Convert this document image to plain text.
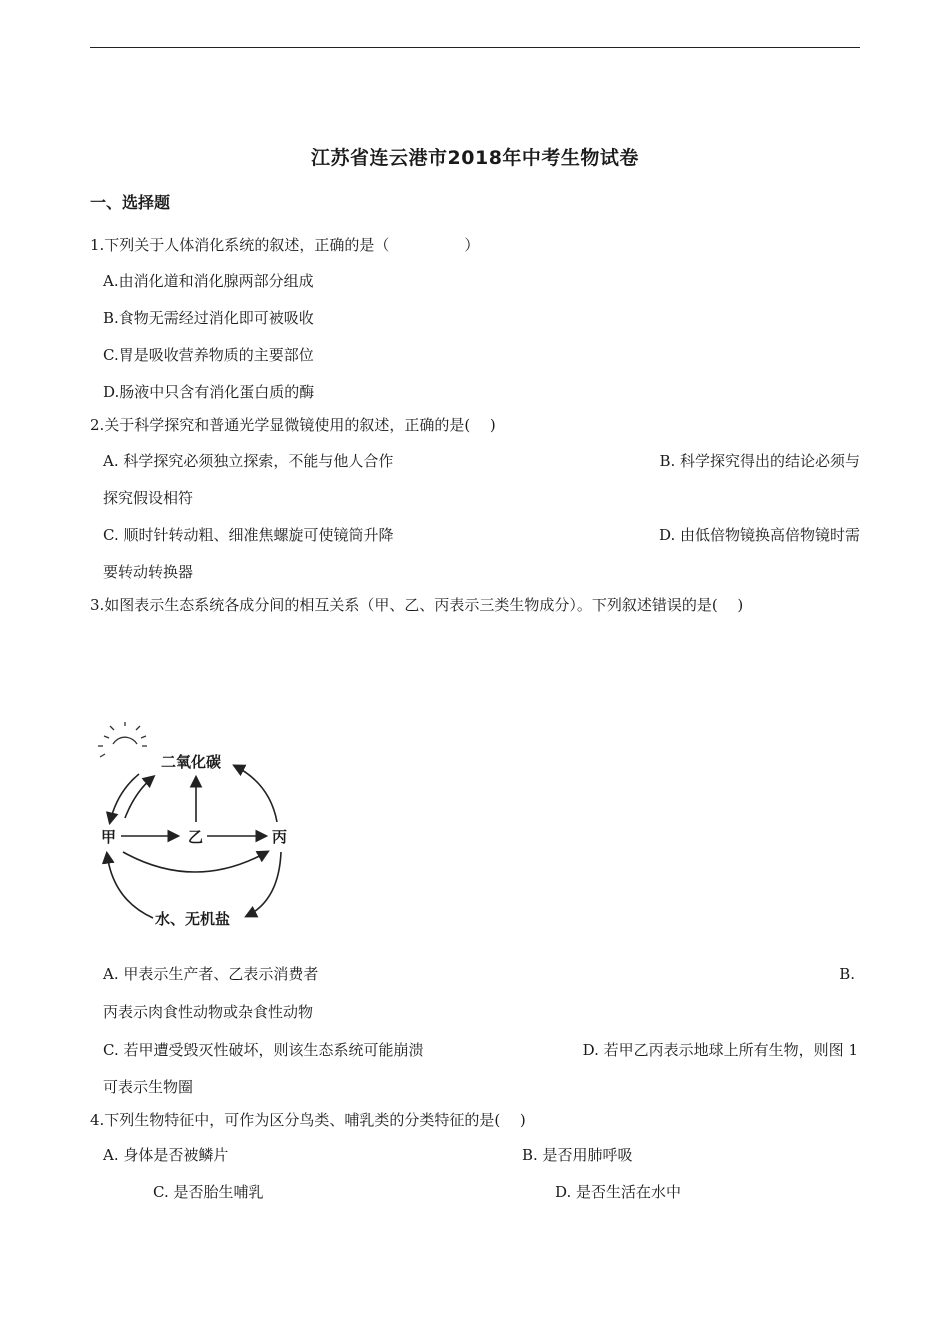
江苏省连云港市2018年中考生物试卷
一、选择题
1.下列关于人体消化系统的叙述，正确的是（　　　　　）
A.由消化道和消化腺两部分组成
B.食物无需经过消化即可被吸收
C.胃是吸收营养物质的主要部位
D.肠液中只含有消化蛋白质的酶
2.关于科学探究和普通光学显微镜使用的叙述，正确的是(　 )
A. 科学探究必须独立探索，不能与他人合作	B. 科学探究得出的结论必须与
探究假设相符
C. 顺时针转动粗、细准焦螺旋可使镜筒升降	D. 由低倍物镜换高倍物镜时需
要转动转换器
3.如图表示生态系统各成分间的相互关系（甲、乙、丙表示三类生物成分）。下列叙述错误的是(　 )
二氧化碳
甲	乙	丙
水、无机盐
A. 甲表示生产者、乙表示消费者	B.
丙表示肉食性动物或杂食性动物
C. 若甲遭受毁灭性破坏，则该生态系统可能崩溃	D. 若甲乙丙表示地球上所有生物，则图 1
可表示生物圈
4.下列生物特征中，可作为区分鸟类、哺乳类的分类特征的是(　 )
A. 身体是否被鳞片	B. 是否用肺呼吸
C. 是否胎生哺乳	D. 是否生活在水中
